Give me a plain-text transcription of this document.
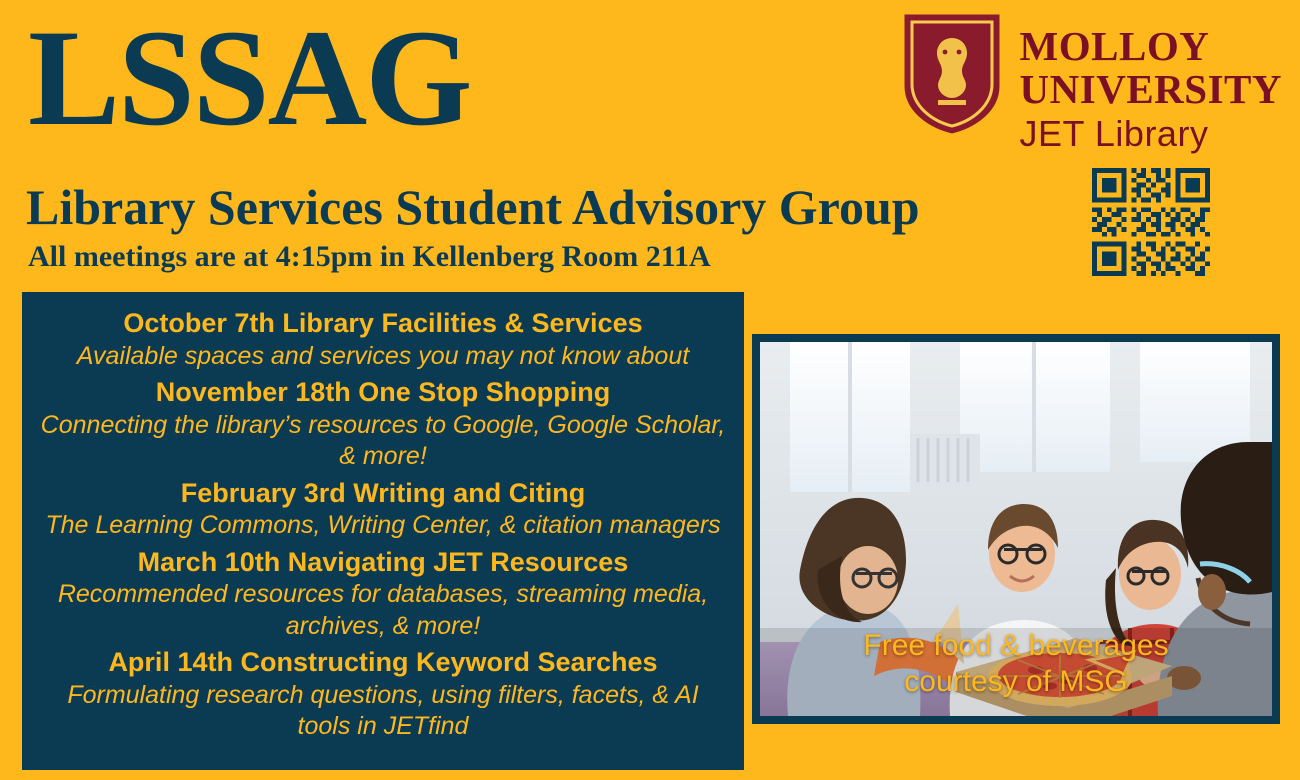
LSSAG
Library Services Student Advisory Group
All meetings are at 4:15pm in Kellenberg Room 211A
MOLLOY
UNIVERSITY
JET Library
October 7th Library Facilities & Services
Available spaces and services you may not know about
November 18th One Stop Shopping
Connecting the library’s resources to Google, Google Scholar, & more!
February 3rd Writing and Citing
The Learning Commons, Writing Center, & citation managers
March 10th Navigating JET Resources
Recommended resources for databases, streaming media, archives, & more!
April 14th Constructing Keyword Searches
Formulating research questions, using filters, facets, & AI tools in JETfind
Free food & beverages
courtesy of MSG
